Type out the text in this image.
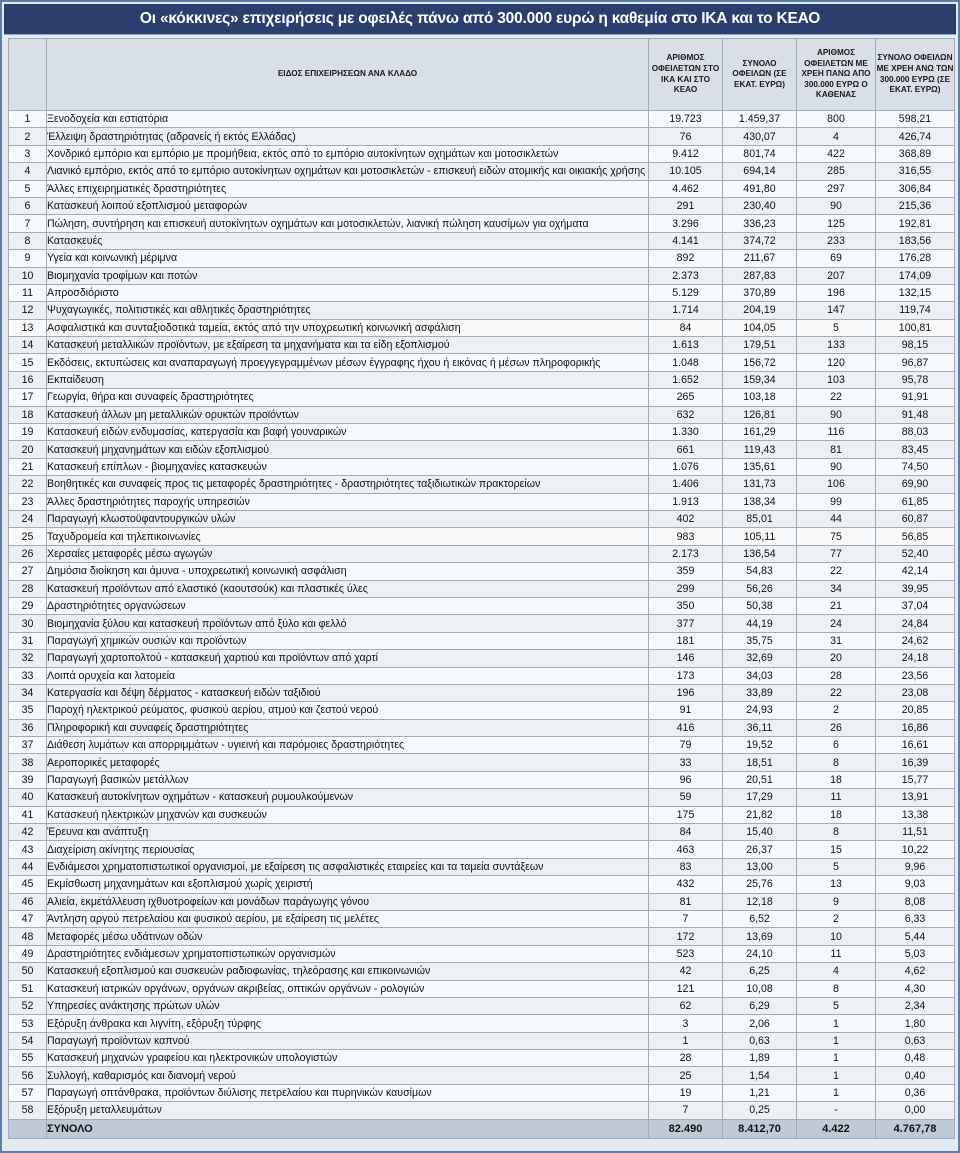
Οι «κόκκινες» επιχειρήσεις με οφειλές πάνω από 300.000 ευρώ η καθεμία στο ΙΚΑ και το ΚΕΑΟ
	ΕΙΔΟΣ ΕΠΙΧΕΙΡΗΣΕΩΝ ΑΝΑ ΚΛΑΔΟ	ΑΡΙΘΜΟΣ ΟΦΕΙΛΕΤΩΝ ΣΤΟ ΙΚΑ ΚΑΙ ΣΤΟ ΚΕΑΟ	ΣΥΝΟΛΟ ΟΦΕΙΛΩΝ (ΣΕ ΕΚΑΤ. ΕΥΡΩ)	ΑΡΙΘΜΟΣ ΟΦΕΙΛΕΤΩΝ ΜΕ ΧΡΕΗ ΠΑΝΩ ΑΠΟ 300.000 ΕΥΡΩ Ο ΚΑΘΕΝΑΣ	ΣΥΝΟΛΟ ΟΦΕΙΛΩΝ ΜΕ ΧΡΕΗ ΑΝΩ ΤΩΝ 300.000 ΕΥΡΩ (ΣΕ ΕΚΑΤ. ΕΥΡΩ)
1	Ξενοδοχεία και εστιατόρια	19.723	1.459,37	800	598,21
2	Έλλειψη δραστηριότητας (αδρανείς ή εκτός Ελλάδας)	76	430,07	4	426,74
3	Χονδρικό εμπόριο και εμπόριο με προμήθεια, εκτός από το εμπόριο αυτοκίνητων οχημάτων και μοτοσικλετών	9.412	801,74	422	368,89
4	Λιανικό εμπόριο, εκτός από το εμπόριο αυτοκίνητων οχημάτων και μοτοσικλετών - επισκευή ειδών ατομικής και οικιακής χρήσης	10.105	694,14	285	316,55
5	Άλλες επιχειρηματικές δραστηριότητες	4.462	491,80	297	306,84
6	Κατασκευή λοιπού εξοπλισμού μεταφορών	291	230,40	90	215,36
7	Πώληση, συντήρηση και επισκευή αυτοκίνητων οχημάτων και μοτοσικλετών, λιανική πώληση καυσίμων για οχήματα	3.296	336,23	125	192,81
8	Κατασκευές	4.141	374,72	233	183,56
9	Υγεία και κοινωνική μέριμνα	892	211,67	69	176,28
10	Βιομηχανία τροφίμων και ποτών	2.373	287,83	207	174,09
11	Απροσδιόριστο	5.129	370,89	196	132,15
12	Ψυχαγωγικές, πολιτιστικές και αθλητικές δραστηριότητες	1.714	204,19	147	119,74
13	Ασφαλιστικά και συνταξιοδοτικά ταμεία, εκτός από την υποχρεωτική κοινωνική ασφάλιση	84	104,05	5	100,81
14	Κατασκευή μεταλλικών προϊόντων, με εξαίρεση τα μηχανήματα και τα είδη εξοπλισμού	1.613	179,51	133	98,15
15	Εκδόσεις, εκτυπώσεις και αναπαραγωγή προεγγεγραμμένων μέσων έγγραφης ήχου ή εικόνας ή μέσων πληροφορικής	1.048	156,72	120	96,87
16	Εκπαίδευση	1.652	159,34	103	95,78
17	Γεωργία, θήρα και συναφείς δραστηριότητες	265	103,18	22	91,91
18	Κατασκευή άλλων μη μεταλλικών ορυκτών προϊόντων	632	126,81	90	91,48
19	Κατασκευή ειδών ενδυμασίας, κατεργασία και βαφή γουναρικών	1.330	161,29	116	88,03
20	Κατασκευή μηχανημάτων και ειδών εξοπλισμού	661	119,43	81	83,45
21	Κατασκευή επίπλων - βιομηχανίες κατασκευών	1.076	135,61	90	74,50
22	Βοηθητικές και συναφείς προς τις μεταφορές δραστηριότητες - δραστηριότητες ταξιδιωτικών πρακτορείων	1.406	131,73	106	69,90
23	Άλλες δραστηριότητες παροχής υπηρεσιών	1.913	138,34	99	61,85
24	Παραγωγή κλωστοϋφαντουργικών υλών	402	85,01	44	60,87
25	Ταχυδρομεία και τηλεπικοινωνίες	983	105,11	75	56,85
26	Χερσαίες μεταφορές μέσω αγωγών	2.173	136,54	77	52,40
27	Δημόσια διοίκηση και άμυνα - υποχρεωτική κοινωνική ασφάλιση	359	54,83	22	42,14
28	Κατασκευή προϊόντων από ελαστικό (καουτσούκ) και πλαστικές ύλες	299	56,26	34	39,95
29	Δραστηριότητες οργανώσεων	350	50,38	21	37,04
30	Βιομηχανία ξύλου και κατασκευή προϊόντων από ξύλο και φελλό	377	44,19	24	24,84
31	Παραγωγή χημικών ουσιών και προϊόντων	181	35,75	31	24,62
32	Παραγωγή χαρτοπολτού - κατασκευή χαρτιού και προϊόντων από χαρτί	146	32,69	20	24,18
33	Λοιπά ορυχεία και λατομεία	173	34,03	28	23,56
34	Κατεργασία και δέψη δέρματος - κατασκευή ειδών ταξιδιού	196	33,89	22	23,08
35	Παροχή ηλεκτρικού ρεύματος, φυσικού αερίου, ατμού και ζεστού νερού	91	24,93	2	20,85
36	Πληροφορική και συναφείς δραστηριότητες	416	36,11	26	16,86
37	Διάθεση λυμάτων και απορριμμάτων - υγιεινή και παρόμοιες δραστηριότητες	79	19,52	6	16,61
38	Αεροπορικές μεταφορές	33	18,51	8	16,39
39	Παραγωγή βασικών μετάλλων	96	20,51	18	15,77
40	Κατασκευή αυτοκίνητων οχημάτων - κατασκευή ρυμουλκούμενων	59	17,29	11	13,91
41	Κατασκευή ηλεκτρικών μηχανών και συσκευών	175	21,82	18	13,38
42	Έρευνα και ανάπτυξη	84	15,40	8	11,51
43	Διαχείριση ακίνητης περιουσίας	463	26,37	15	10,22
44	Ενδιάμεσοι χρηματοπιστωτικοί οργανισμοί, με εξαίρεση τις ασφαλιστικές εταιρείες και τα ταμεία συντάξεων	83	13,00	5	9,96
45	Εκμίσθωση μηχανημάτων και εξοπλισμού χωρίς χειριστή	432	25,76	13	9,03
46	Αλιεία, εκμετάλλευση ιχθυοτροφείων και μονάδων παράγωγης γόνου	81	12,18	9	8,08
47	Άντληση αργού πετρελαίου και φυσικού αερίου, με εξαίρεση τις μελέτες	7	6,52	2	6,33
48	Μεταφορές μέσω υδάτινων οδών	172	13,69	10	5,44
49	Δραστηριότητες ενδιάμεσων χρηματοπιστωτικών οργανισμών	523	24,10	11	5,03
50	Κατασκευή εξοπλισμού και συσκευών ραδιοφωνίας, τηλεόρασης και επικοινωνιών	42	6,25	4	4,62
51	Κατασκευή ιατρικών οργάνων, οργάνων ακριβείας, οπτικών οργάνων - ρολογιών	121	10,08	8	4,30
52	Υπηρεσίες ανάκτησης πρώτων υλών	62	6,29	5	2,34
53	Εξόρυξη άνθρακα και λιγνίτη, εξόρυξη τύρφης	3	2,06	1	1,80
54	Παραγωγή προϊόντων καπνού	1	0,63	1	0,63
55	Κατασκευή μηχανών γραφείου και ηλεκτρονικών υπολογιστών	28	1,89	1	0,48
56	Συλλογή, καθαρισμός και διανομή νερού	25	1,54	1	0,40
57	Παραγωγή οπτάνθρακα, προϊόντων διύλισης πετρελαίου και πυρηνικών καυσίμων	19	1,21	1	0,36
58	Εξόρυξη μεταλλευμάτων	7	0,25	-	0,00
	ΣΥΝΟΛΟ	82.490	8.412,70	4.422	4.767,78
